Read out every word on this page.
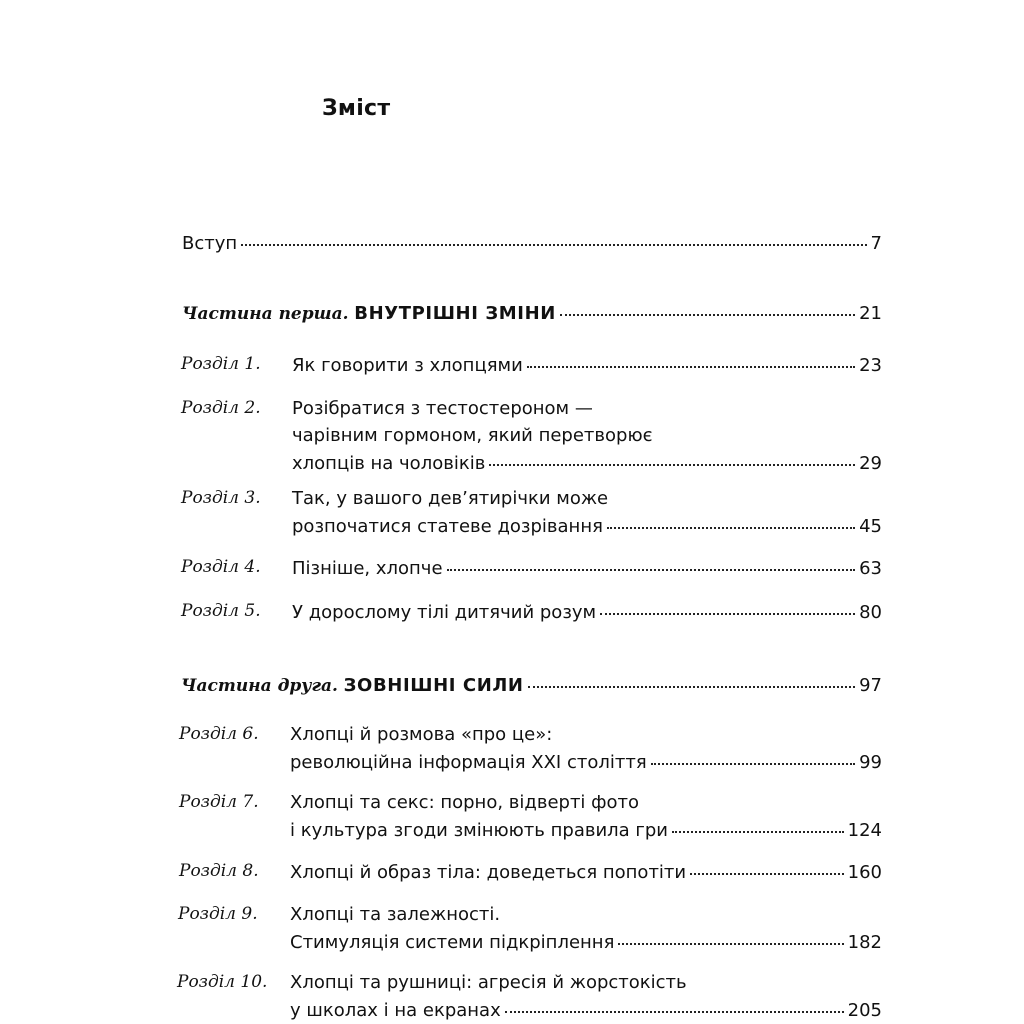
Зміст
Вступ	7
Частина перша. ВНУТРІШНІ ЗМІНИ	21
Розділ 1. Як говорити з хлопцями	23
Розділ 2. Розібратися з тестостероном —
чарівним гормоном, який перетворює
хлопців на чоловіків	29
Розділ 3. Так, у вашого дев’ятирічки може
розпочатися статеве дозрівання	45
Розділ 4. Пізніше, хлопче	63
Розділ 5. У дорослому тілі дитячий розум	80
Частина друга. ЗОВНІШНІ СИЛИ	97
Розділ 6. Хлопці й розмова «про це»:
революційна інформація XXI століття	99
Розділ 7. Хлопці та секс: порно, відверті фото
і культура згоди змінюють правила гри	124
Розділ 8. Хлопці й образ тіла: доведеться попотіти	160
Розділ 9. Хлопці та залежності.
Стимуляція системи підкріплення	182
Розділ 10. Хлопці та рушниці: агресія й жорстокість
у школах і на екранах	205
